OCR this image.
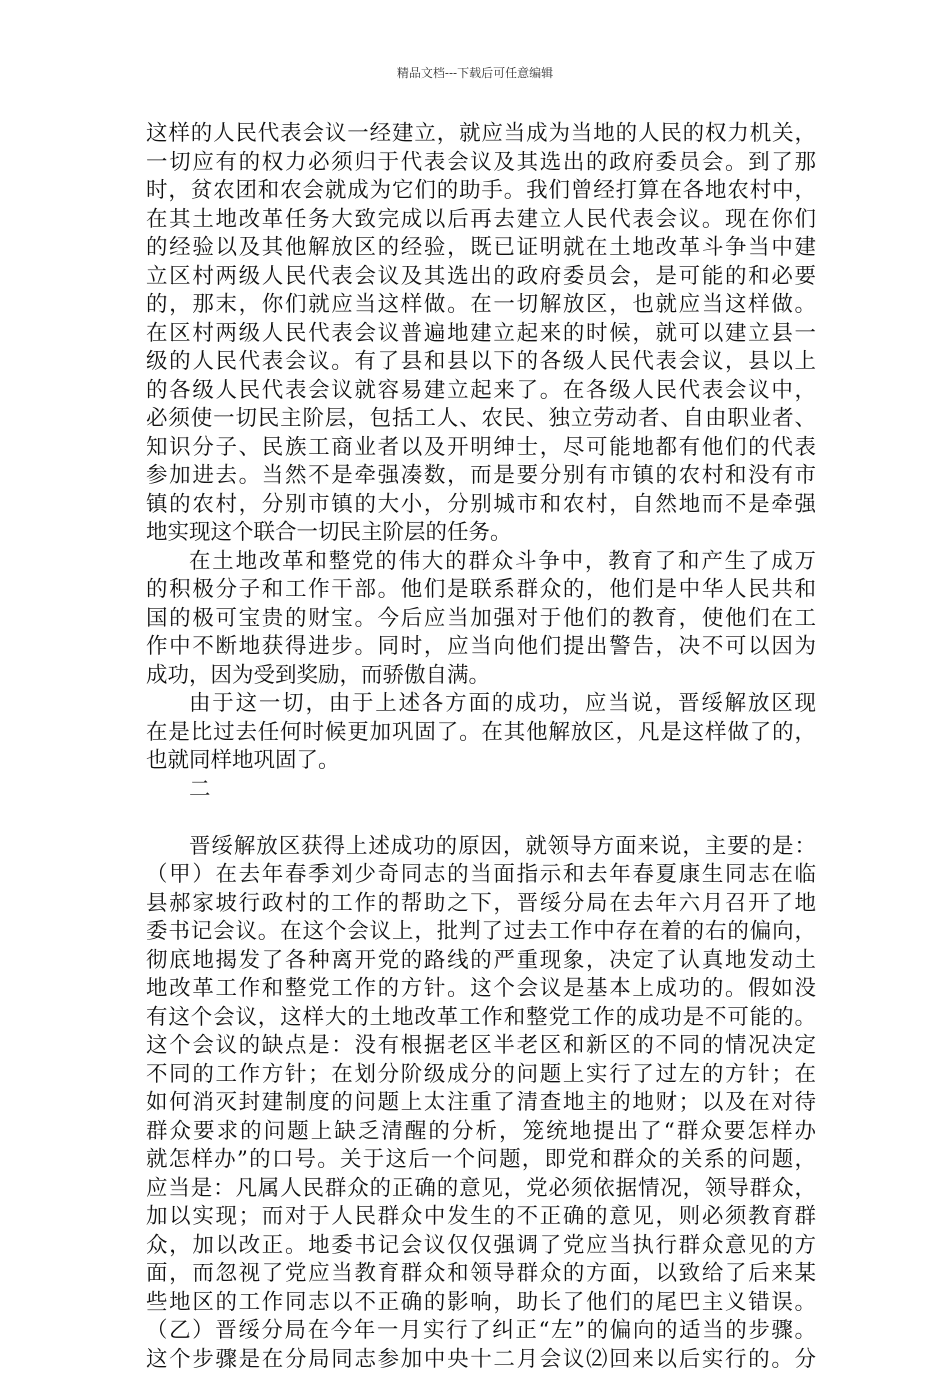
精品文档---下载后可任意编辑
这样的人民代表会议一经建立，就应当成为当地的人民的权力机关，
一切应有的权力必须归于代表会议及其选出的政府委员会。到了那
时，贫农团和农会就成为它们的助手。我们曾经打算在各地农村中，
在其土地改革任务大致完成以后再去建立人民代表会议。现在你们
的经验以及其他解放区的经验，既已证明就在土地改革斗争当中建
立区村两级人民代表会议及其选出的政府委员会，是可能的和必要
的，那末，你们就应当这样做。在一切解放区，也就应当这样做。
在区村两级人民代表会议普遍地建立起来的时候，就可以建立县一
级的人民代表会议。有了县和县以下的各级人民代表会议，县以上
的各级人民代表会议就容易建立起来了。在各级人民代表会议中，
必须使一切民主阶层，包括工人、农民、独立劳动者、自由职业者、
知识分子、民族工商业者以及开明绅士，尽可能地都有他们的代表
参加进去。当然不是牵强凑数，而是要分别有市镇的农村和没有市
镇的农村，分别市镇的大小，分别城市和农村，自然地而不是牵强
地实现这个联合一切民主阶层的任务。
在土地改革和整党的伟大的群众斗争中，教育了和产生了成万
的积极分子和工作干部。他们是联系群众的，他们是中华人民共和
国的极可宝贵的财宝。今后应当加强对于他们的教育，使他们在工
作中不断地获得进步。同时，应当向他们提出警告，决不可以因为
成功，因为受到奖励，而骄傲自满。
由于这一切，由于上述各方面的成功，应当说，晋绥解放区现
在是比过去任何时候更加巩固了。在其他解放区，凡是这样做了的，
也就同样地巩固了。
二
晋绥解放区获得上述成功的原因，就领导方面来说，主要的是：
（甲）在去年春季刘少奇同志的当面指示和去年春夏康生同志在临
县郝家坡行政村的工作的帮助之下，晋绥分局在去年六月召开了地
委书记会议。在这个会议上，批判了过去工作中存在着的右的偏向，
彻底地揭发了各种离开党的路线的严重现象，决定了认真地发动土
地改革工作和整党工作的方针。这个会议是基本上成功的。假如没
有这个会议，这样大的土地改革工作和整党工作的成功是不可能的。
这个会议的缺点是：没有根据老区半老区和新区的不同的情况决定
不同的工作方针；在划分阶级成分的问题上实行了过左的方针；在
如何消灭封建制度的问题上太注重了清查地主的地财；以及在对待
群众要求的问题上缺乏清醒的分析，笼统地提出了“群众要怎样办
就怎样办”的口号。关于这后一个问题，即党和群众的关系的问题，
应当是：凡属人民群众的正确的意见，党必须依据情况，领导群众，
加以实现；而对于人民群众中发生的不正确的意见，则必须教育群
众，加以改正。地委书记会议仅仅强调了党应当执行群众意见的方
面，而忽视了党应当教育群众和领导群众的方面，以致给了后来某
些地区的工作同志以不正确的影响，助长了他们的尾巴主义错误。
（乙）晋绥分局在今年一月实行了纠正“左”的偏向的适当的步骤。
这个步骤是在分局同志参加中央十二月会议⑵回来以后实行的。分
